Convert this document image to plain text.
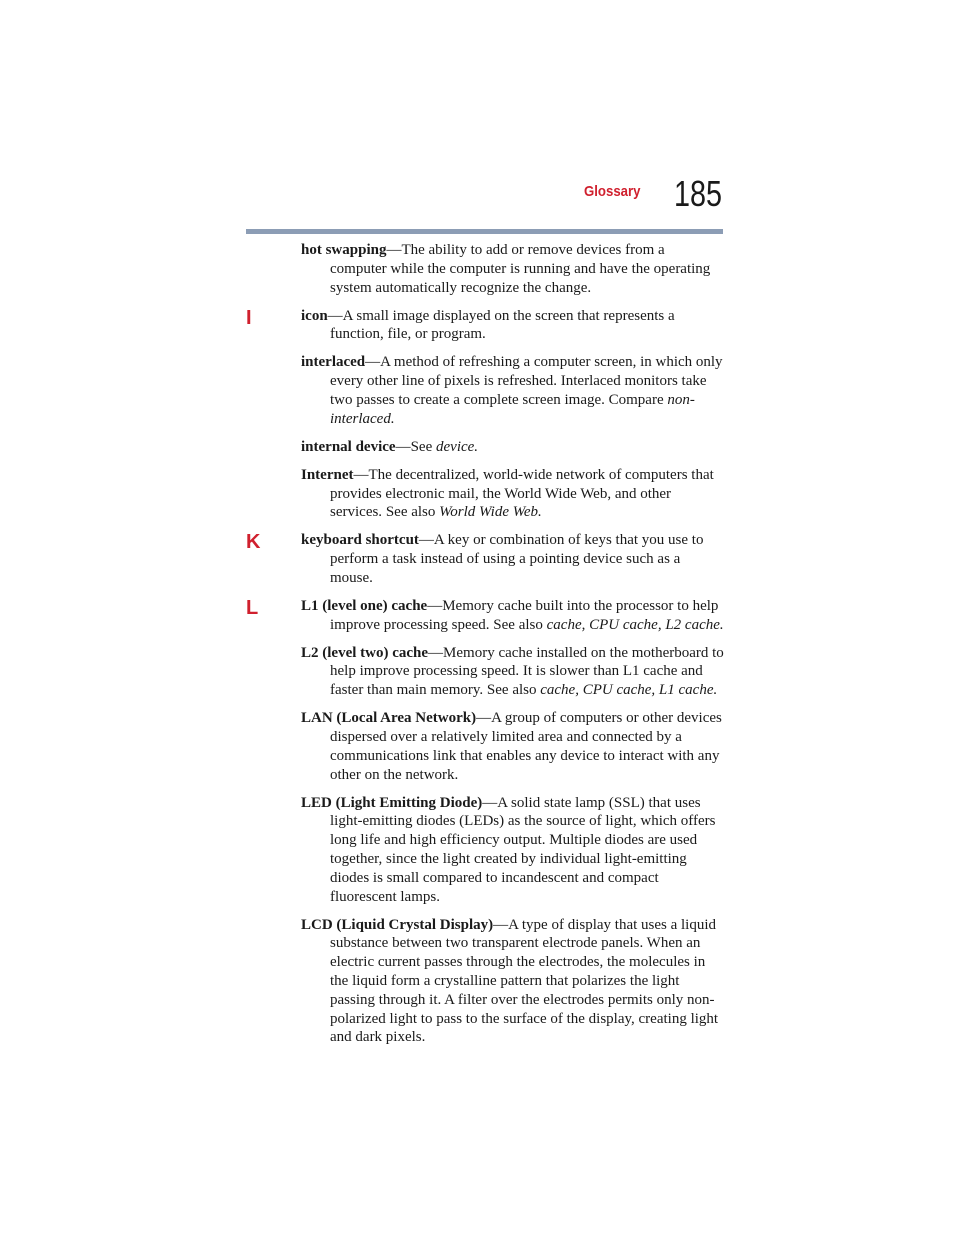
Glossary 185

hot swapping—The ability to add or remove devices from a computer while the computer is running and have the operating system automatically recognize the change.

I	icon—A small image displayed on the screen that represents a function, file, or program.

interlaced—A method of refreshing a computer screen, in which only every other line of pixels is refreshed. Interlaced monitors take two passes to create a complete screen image. Compare non-interlaced.

internal device—See device.

Internet—The decentralized, world-wide network of computers that provides electronic mail, the World Wide Web, and other services. See also World Wide Web.

K	keyboard shortcut—A key or combination of keys that you use to perform a task instead of using a pointing device such as a mouse.

L	L1 (level one) cache—Memory cache built into the processor to help improve processing speed. See also cache, CPU cache, L2 cache.

L2 (level two) cache—Memory cache installed on the motherboard to help improve processing speed. It is slower than L1 cache and faster than main memory. See also cache, CPU cache, L1 cache.

LAN (Local Area Network)—A group of computers or other devices dispersed over a relatively limited area and connected by a communications link that enables any device to interact with any other on the network.

LED (Light Emitting Diode)—A solid state lamp (SSL) that uses light-emitting diodes (LEDs) as the source of light, which offers long life and high efficiency output. Multiple diodes are used together, since the light created by individual light-emitting diodes is small compared to incandescent and compact fluorescent lamps.

LCD (Liquid Crystal Display)—A type of display that uses a liquid substance between two transparent electrode panels. When an electric current passes through the electrodes, the molecules in the liquid form a crystalline pattern that polarizes the light passing through it. A filter over the electrodes permits only non-polarized light to pass to the surface of the display, creating light and dark pixels.
